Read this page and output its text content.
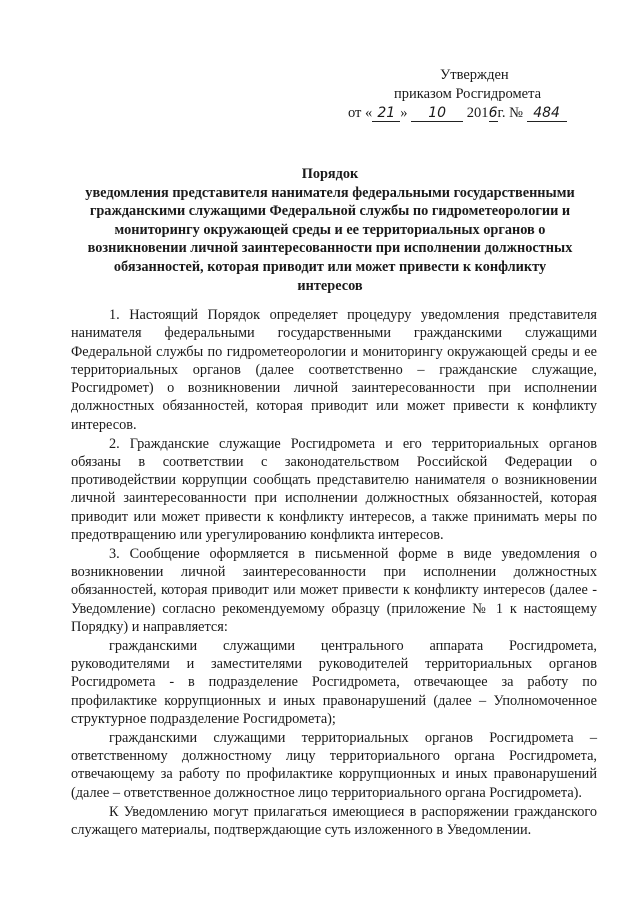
Утвержден
приказом Росгидромета
от « 21 » 10 2016г. № 484
Порядок
уведомления представителя нанимателя федеральными государственными
гражданскими служащими Федеральной службы по гидрометеорологии и
мониторингу окружающей среды и ее территориальных органов о
возникновении личной заинтересованности при исполнении должностных
обязанностей, которая приводит или может привести к конфликту
интересов

1. Настоящий Порядок определяет процедуру уведомления представителя нанимателя федеральными государственными гражданскими служащими Федеральной службы по гидрометеорологии и мониторингу окружающей среды и ее территориальных органов (далее соответственно – гражданские служащие, Росгидромет) о возникновении личной заинтересованности при исполнении должностных обязанностей, которая приводит или может привести к конфликту интересов.

2. Гражданские служащие Росгидромета и его территориальных органов обязаны в соответствии с законодательством Российской Федерации о противодействии коррупции сообщать представителю нанимателя о возникновении личной заинтересованности при исполнении должностных обязанностей, которая приводит или может привести к конфликту интересов, а также принимать меры по предотвращению или урегулированию конфликта интересов.

3. Сообщение оформляется в письменной форме в виде уведомления о возникновении личной заинтересованности при исполнении должностных обязанностей, которая приводит или может привести к конфликту интересов (далее - Уведомление) согласно рекомендуемому образцу (приложение № 1 к настоящему Порядку) и направляется:

гражданскими служащими центрального аппарата Росгидромета, руководителями и заместителями руководителей территориальных органов Росгидромета - в подразделение Росгидромета, отвечающее за работу по профилактике коррупционных и иных правонарушений (далее – Уполномоченное структурное подразделение Росгидромета);

гражданскими служащими территориальных органов Росгидромета – ответственному должностному лицу территориального органа Росгидромета, отвечающему за работу по профилактике коррупционных и иных правонарушений (далее – ответственное должностное лицо территориального органа Росгидромета).

К Уведомлению могут прилагаться имеющиеся в распоряжении гражданского служащего материалы, подтверждающие суть изложенного в Уведомлении.
